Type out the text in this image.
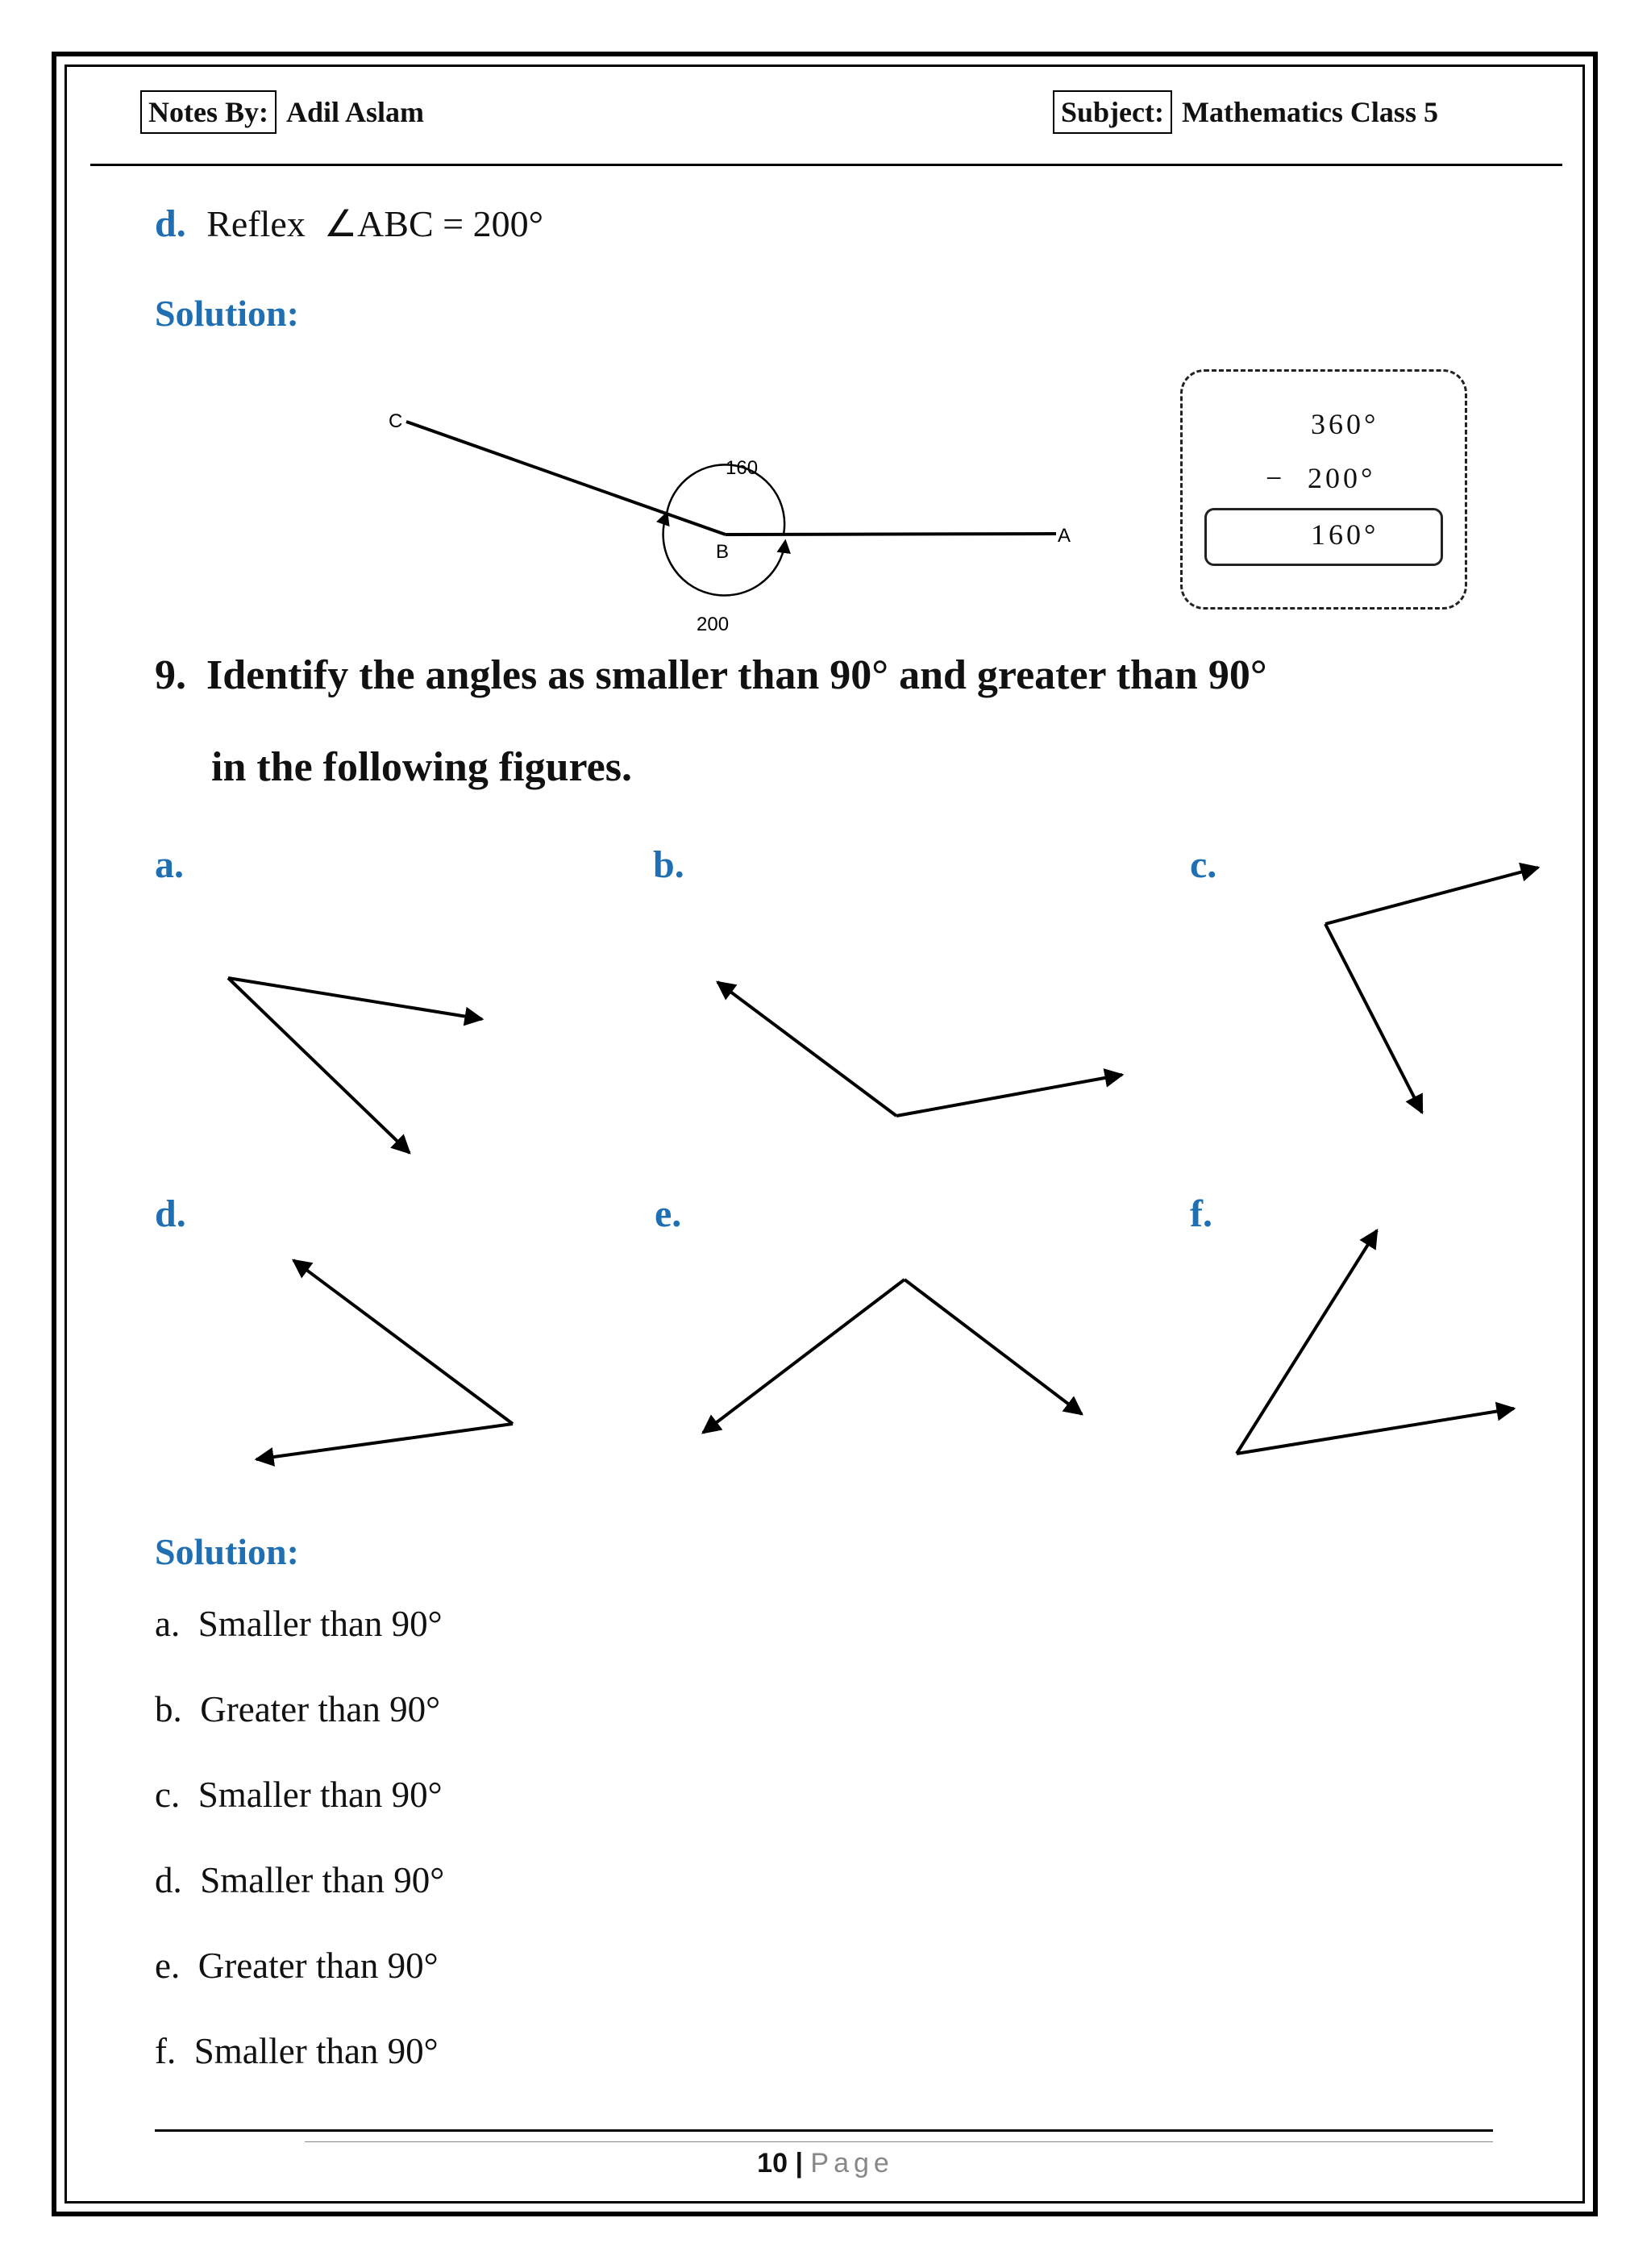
Notes By: Adil Aslam	Subject: Mathematics Class 5
d. Reflex  ∠ABC = 200°
Solution:
C
B
A
160
200
360°
− 200°
160°
9. Identify the angles as smaller than 90° and greater than 90°
in the following figures.
a.	b.	c.
d.	e.	f.
Solution:
a.  Smaller than 90°
b.  Greater than 90°
c.  Smaller than 90°
d.  Smaller than 90°
e.  Greater than 90°
f.  Smaller than 90°
10 | Page
